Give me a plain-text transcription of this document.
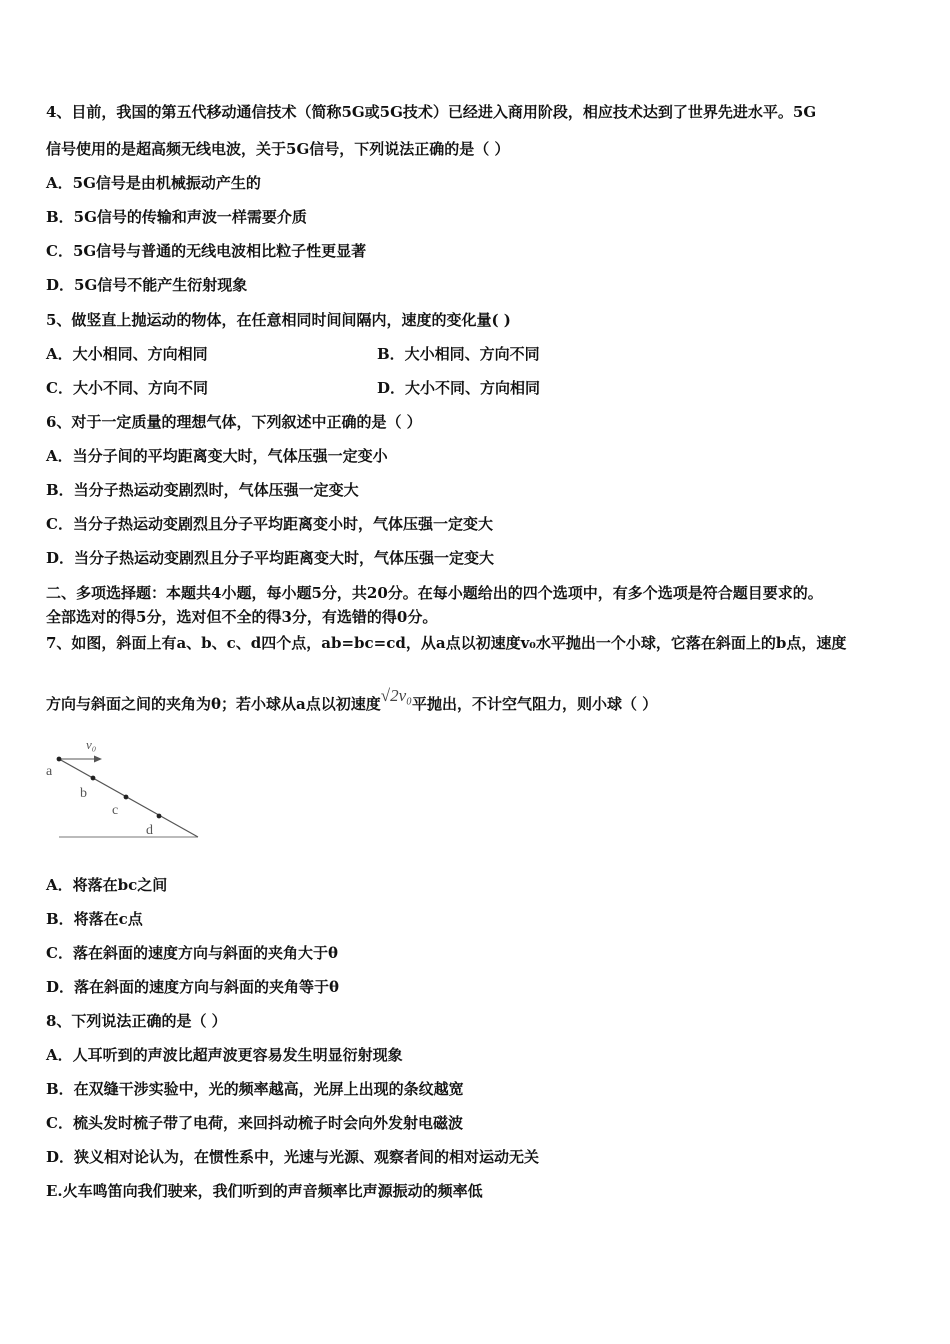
4、目前，我国的第五代移动通信技术（简称5G或5G技术）已经进入商用阶段，相应技术达到了世界先进水平。5G
信号使用的是超高频无线电波，关于5G信号，下列说法正确的是（ ）
A．5G信号是由机械振动产生的
B．5G信号的传输和声波一样需要介质
C．5G信号与普通的无线电波相比粒子性更显著
D．5G信号不能产生衍射现象
5、做竖直上抛运动的物体，在任意相同时间间隔内，速度的变化量( )
A．大小相同、方向相同	B．大小相同、方向不同
C．大小不同、方向不同	D．大小不同、方向相同
6、对于一定质量的理想气体，下列叙述中正确的是（ ）
A．当分子间的平均距离变大时，气体压强一定变小
B．当分子热运动变剧烈时，气体压强一定变大
C．当分子热运动变剧烈且分子平均距离变小时，气体压强一定变大
D．当分子热运动变剧烈且分子平均距离变大时，气体压强一定变大
二、多项选择题：本题共4小题，每小题5分，共20分。在每小题给出的四个选项中，有多个选项是符合题目要求的。
全部选对的得5分，选对但不全的得3分，有选错的得0分。
7、如图，斜面上有a、b、c、d四个点，ab=bc=cd，从a点以初速度v₀水平抛出一个小球，它落在斜面上的b点，速度
方向与斜面之间的夹角为θ；若小球从a点以初速度√2v₀平抛出，不计空气阻力，则小球（ ）
v₀
a
b
c
d
A．将落在bc之间
B．将落在c点
C．落在斜面的速度方向与斜面的夹角大于θ
D．落在斜面的速度方向与斜面的夹角等于θ
8、下列说法正确的是（ ）
A．人耳听到的声波比超声波更容易发生明显衍射现象
B．在双缝干涉实验中，光的频率越高，光屏上出现的条纹越宽
C．梳头发时梳子带了电荷，来回抖动梳子时会向外发射电磁波
D．狭义相对论认为，在惯性系中，光速与光源、观察者间的相对运动无关
E.火车鸣笛向我们驶来，我们听到的声音频率比声源振动的频率低
